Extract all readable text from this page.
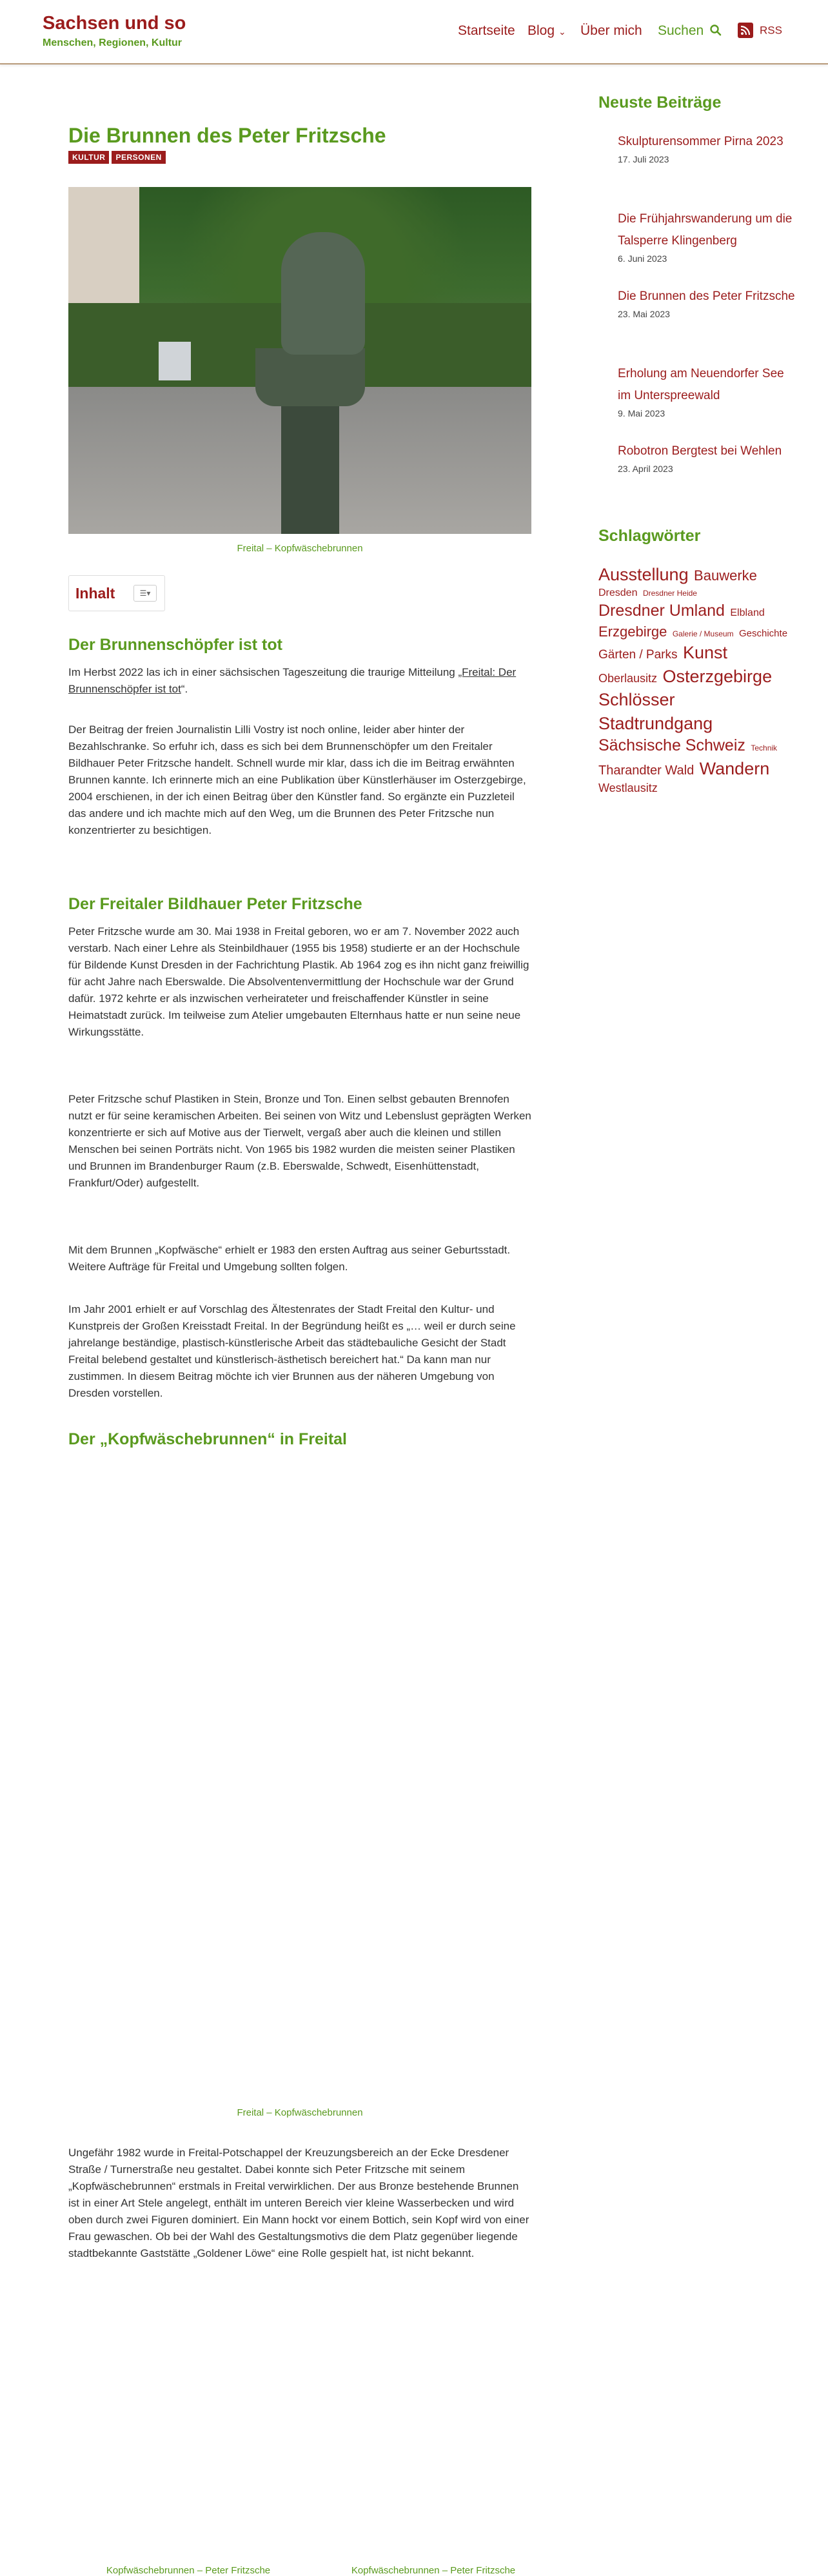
Sachsen und so
Menschen, Regionen, Kultur
Startseite Blog ⌄ Über mich Suchen	RSS
Die Brunnen des Peter Fritzsche
KULTUR PERSONEN
Freital – Kopfwäschebrunnen
Inhalt	☰▾
Der Brunnenschöpfer ist tot

Im Herbst 2022 las ich in einer sächsischen Tageszeitung die traurige Mitteilung „Freital: Der Brunnenschöpfer ist tot“.

Der Beitrag der freien Journalistin Lilli Vostry ist noch online, leider aber hinter der Bezahlschranke. So erfuhr ich, dass es sich bei dem Brunnenschöpfer um den Freitaler Bildhauer Peter Fritzsche handelt. Schnell wurde mir klar, dass ich die im Beitrag erwähnten Brunnen kannte. Ich erinnerte mich an eine Publikation über Künstlerhäuser im Osterzgebirge, 2004 erschienen, in der ich einen Beitrag über den Künstler fand. So ergänzte ein Puzzleteil das andere und ich machte mich auf den Weg, um die Brunnen des Peter Fritzsche nun konzentrierter zu besichtigen.

Der Freitaler Bildhauer Peter Fritzsche

Peter Fritzsche wurde am 30. Mai 1938 in Freital geboren, wo er am 7. November 2022 auch verstarb. Nach einer Lehre als Steinbildhauer (1955 bis 1958) studierte er an der Hochschule für Bildende Kunst Dresden in der Fachrichtung Plastik. Ab 1964 zog es ihn nicht ganz freiwillig für acht Jahre nach Eberswalde. Die Absolventenvermittlung der Hochschule war der Grund dafür. 1972 kehrte er als inzwischen verheirateter und freischaffender Künstler in seine Heimatstadt zurück. Im teilweise zum Atelier umgebauten Elternhaus hatte er nun seine neue Wirkungsstätte.

Peter Fritzsche schuf Plastiken in Stein, Bronze und Ton. Einen selbst gebauten Brennofen nutzt er für seine keramischen Arbeiten. Bei seinen von Witz und Lebenslust geprägten Werken konzentrierte er sich auf Motive aus der Tierwelt, vergaß aber auch die kleinen und stillen Menschen bei seinen Porträts nicht. Von 1965 bis 1982 wurden die meisten seiner Plastiken und Brunnen im Brandenburger Raum (z.B. Eberswalde, Schwedt, Eisenhüttenstadt, Frankfurt/Oder) aufgestellt.

Mit dem Brunnen „Kopfwäsche“ erhielt er 1983 den ersten Auftrag aus seiner Geburtsstadt. Weitere Aufträge für Freital und Umgebung sollten folgen.

Im Jahr 2001 erhielt er auf Vorschlag des Ältestenrates der Stadt Freital den Kultur- und Kunstpreis der Großen Kreisstadt Freital. In der Begründung heißt es „… weil er durch seine jahrelange beständige, plastisch-künstlerische Arbeit das städtebauliche Gesicht der Stadt Freital belebend gestaltet und künstlerisch-ästhetisch bereichert hat.“ Da kann man nur zustimmen. In diesem Beitrag möchte ich vier Brunnen aus der näheren Umgebung von Dresden vorstellen.

Der „Kopfwäschebrunnen“ in Freital
Freital – Kopfwäschebrunnen

Ungefähr 1982 wurde in Freital-Potschappel der Kreuzungsbereich an der Ecke Dresdener Straße / Turnerstraße neu gestaltet. Dabei konnte sich Peter Fritzsche mit seinem „Kopfwäschebrunnen“ erstmals in Freital verwirklichen. Der aus Bronze bestehende Brunnen ist in einer Art Stele angelegt, enthält im unteren Bereich vier kleine Wasserbecken und wird oben durch zwei Figuren dominiert. Ein Mann hockt vor einem Bottich, sein Kopf wird von einer Frau gewaschen. Ob bei der Wahl des Gestaltungsmotivs die dem Platz gegenüber liegende stadtbekannte Gaststätte „Goldener Löwe“ eine Rolle gespielt hat, ist nicht bekannt.

Kopfwäschebrunnen – Peter Fritzsche	Kopfwäschebrunnen – Peter Fritzsche
Neuste Beiträge
Skulpturensommer Pirna 2023
17. Juli 2023
Die Frühjahrswanderung um die Talsperre Klingenberg
6. Juni 2023
Die Brunnen des Peter Fritzsche
23. Mai 2023
Erholung am Neuendorfer See im Unterspreewald
9. Mai 2023
Robotron Bergtest bei Wehlen
23. April 2023
Schlagwörter
Ausstellung Bauwerke Dresden Dresdner Heide Dresdner Umland Elbland Erzgebirge Galerie / Museum Geschichte Gärten / Parks Kunst Oberlausitz Osterzgebirge Schlösser Stadtrundgang Sächsische Schweiz Technik Tharandter Wald Wandern Westlausitz
